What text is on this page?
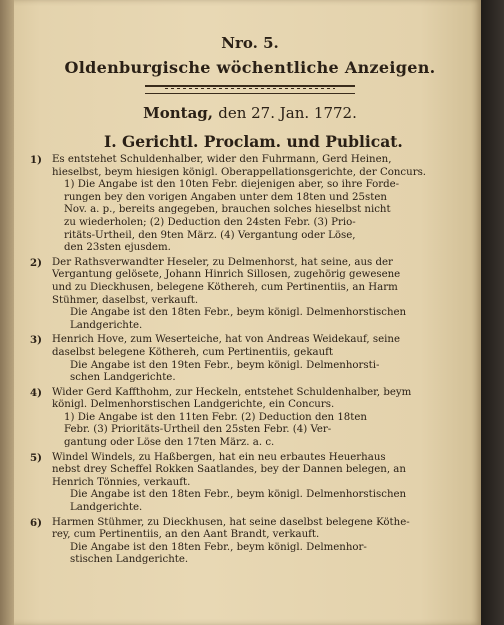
Nro. 5.
Oldenburgische wöchentliche Anzeigen.
Montag, den 27. Jan. 1772.
I. Gerichtl. Proclam. und Publicat.
1) Es entstehet Schuldenhalber, wider den Fuhrmann, Gerd Heinen,
hieselbst, beym hiesigen königl. Oberappellationsgerichte, der Concurs.
1) Die Angabe ist den 10ten Febr. diejenigen aber, so ihre Forde-
rungen bey den vorigen Angaben unter dem 18ten und 25sten
Nov. a. p., bereits angegeben, brauchen solches hieselbst nicht
zu wiederholen; (2) Deduction den 24sten Febr. (3) Prio-
ritäts-Urtheil, den 9ten März. (4) Vergantung oder Löse,
den 23sten ejusdem.
2) Der Rathsverwandter Heseler, zu Delmenhorst, hat seine, aus der
Vergantung gelösete, Johann Hinrich Sillosen, zugehörig gewesene
und zu Dieckhusen, belegene Köthereh, cum Pertinentiis, an Harm
Stühmer, daselbst, verkauft.
Die Angabe ist den 18ten Febr., beym königl. Delmenhorstischen
Landgerichte.
3) Henrich Hove, zum Weserteiche, hat von Andreas Weidekauf, seine
daselbst belegene Köthereh, cum Pertinentiis, gekauft
Die Angabe ist den 19ten Febr., beym königl. Delmenhorsti-
schen Landgerichte.
4) Wider Gerd Kaffthohm, zur Heckeln, entstehet Schuldenhalber, beym
königl. Delmenhorstischen Landgerichte, ein Concurs.
1) Die Angabe ist den 11ten Febr. (2) Deduction den 18ten
Febr. (3) Prioritäts-Urtheil den 25sten Febr. (4) Ver-
gantung oder Löse den 17ten März. a. c.
5) Windel Windels, zu Haßbergen, hat ein neu erbautes Heuerhaus
nebst drey Scheffel Rokken Saatlandes, bey der Dannen belegen, an
Henrich Tönnies, verkauft.
Die Angabe ist den 18ten Febr., beym königl. Delmenhorstischen
Landgerichte.
6) Harmen Stühmer, zu Dieckhusen, hat seine daselbst belegene Köthe-
rey, cum Pertinentiis, an den Aant Brandt, verkauft.
Die Angabe ist den 18ten Febr., beym königl. Delmenhor-
stischen Landgerichte.
